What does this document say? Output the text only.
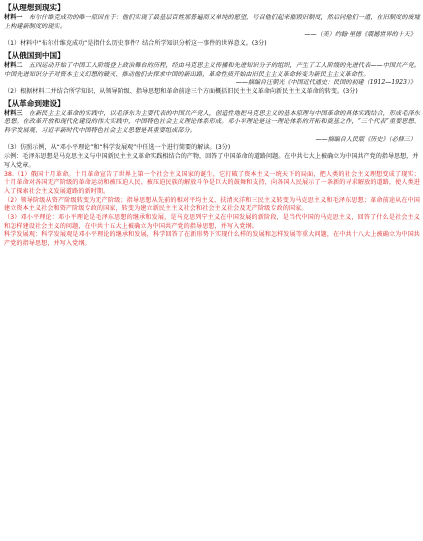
【从理想到现实】

材料一　 布尔什维克成功的唯一原因在于：他们实现了最基层百姓那普遍而又单纯的愿望，号召他们起来摧毁旧制度，然后同他们一道，在旧制度的废墟上构建新制度的现实。

——（美）约翰·里德《震撼世界的十天》

（1）材料中“布尔什维克成功”是指什么历史事件？结合所学知识分析这一事件的世界意义。(3分)

【从俄国到中国】

材料二　 五四运动开始了中国工人阶级登上政治舞台的历程，经由马克思主义传播和先进知识分子的组织，产生了工人阶级的先进代表——中国共产党。中国先进知识分子对资本主义幻想的破灭、推动他们去探求中国的新出路，革命性质开始由旧民主主义革命转变为新民主主义革命性。

——摘编自汪朝光《中国近代通史：民国的初建（1912—1923）》

（2）根据材料二并结合所学知识，从领导阶级、指导思想和革命前途三个方面概括旧民主主义革命向新民主主义革命的转变。(3分)

【从革命到建设】

材料三　 在新民主主义革命的实践中，以毛泽东为主要代表的中国共产党人，创造性地把马克思主义的基本原理与中国革命的具体实践结合，形成毛泽东思想。在改革开放和现代化建设的伟大实践中，中国特色社会主义理论体系形成。邓小平理论是这一理论体系的开拓和奠基之作，“三个代表”重要思想、科学发展观、习近平新时代中国特色社会主义思想是其重要组成部分。

——摘编自人民版《历史》（必修三）

（3）仿照示例，从“邓小平理论”和“科学发展观”中任选一个进行简要的解读。(3分)

示例：毛泽东思想是马克思主义与中国新民主主义革命实践相结合的产物，回答了中国革命的道路问题。在中共七大上被确立为中国共产党的指导思想，并写入党章。

38.（1）俄国十月革命。十月革命宣告了世界上第一个社会主义国家的诞生，它打破了资本主义一统天下的局面，把人类的社会主义理想变成了现实；十月革命对各国无产阶级的革命运动和被压迫人民、被压迫民族的解放斗争是巨大的鼓舞和支持，向各国人民展示了一条新的寻求解放的道路，使人类进入了探索社会主义发展道路的新时期。

（2）领导阶级从资产阶级转变为无产阶级；指导思想从先前的相对平均主义、扶清灭洋和三民主义转变为马克思主义和毛泽东思想；革命前途从在中国建立资本主义社会和资产阶级专政的国家，转变为建立新民主主义社会和社会主义社会及无产阶级专政的国家。

（3）邓小平理论：邓小平理论是毛泽东思想的继承和发展，是马克思列宁主义在中国发展的新阶段，是当代中国的马克思主义，回答了什么是社会主义和怎样建设社会主义的问题，在中共十五大上被确立为中国共产党的指导思想，并写入党纲。

科学发展观：科学发展观是邓小平理论的继承和发展，科学回答了在新形势下实现什么样的发展和怎样发展等重大问题，在中共十八大上被确立为中国共产党的指导思想，并写入党纲。
